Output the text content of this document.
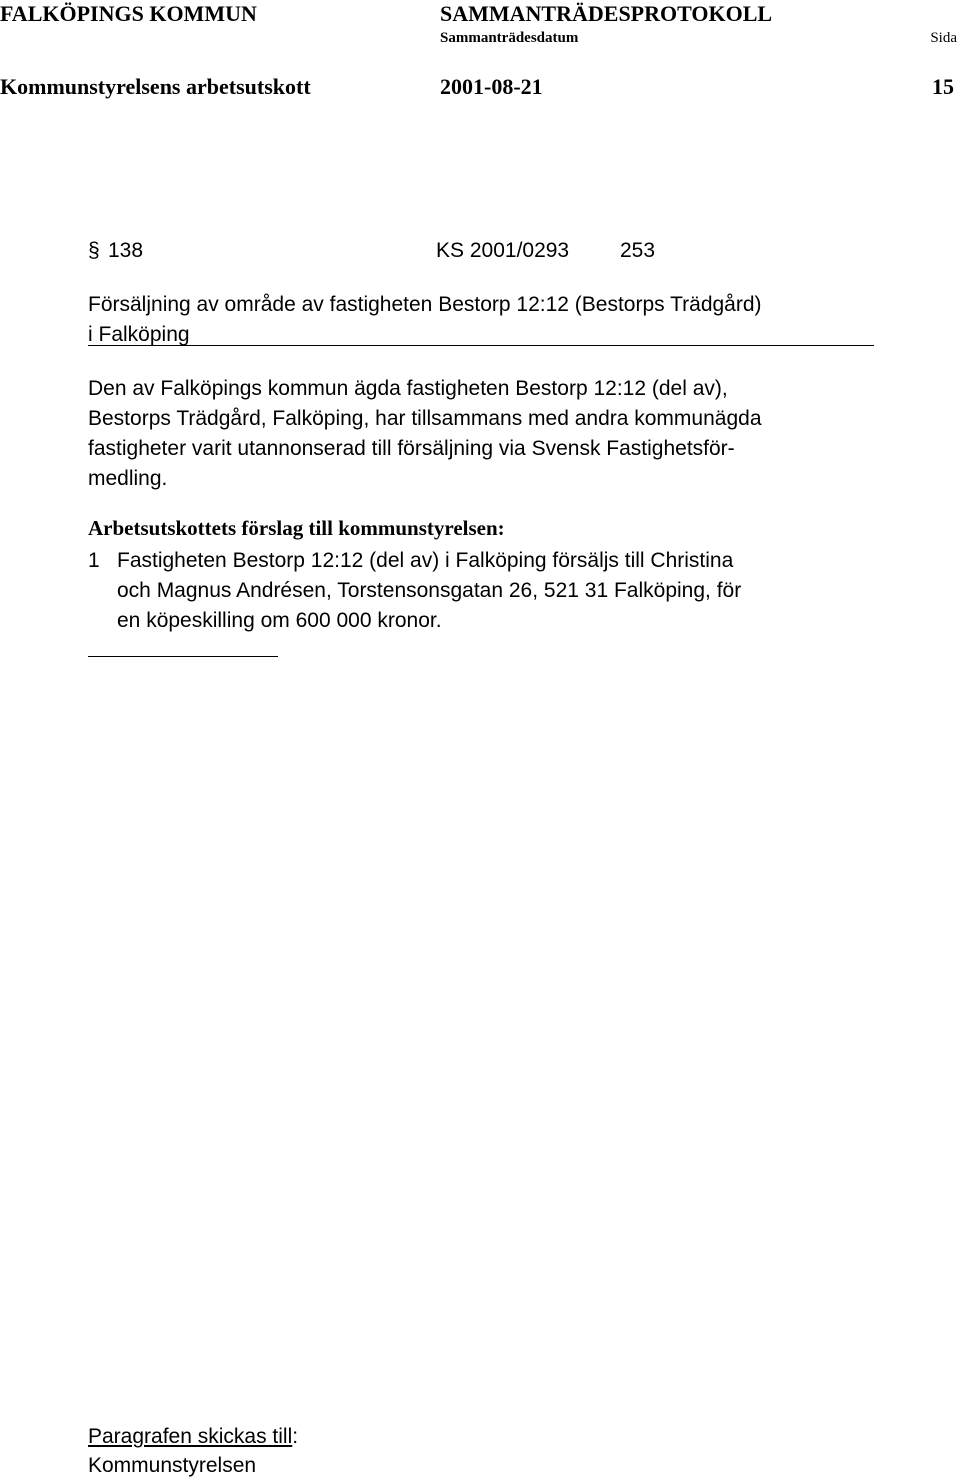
FALKÖPINGS KOMMUN	SAMMANTRÄDESPROTOKOLL
Sammanträdesdatum	Sida
Kommunstyrelsens arbetsutskott	2001-08-21	15
§ 138	KS 2001/0293 253
Försäljning av område av fastigheten Bestorp 12:12 (Bestorps Trädgård)
i Falköping
Den av Falköpings kommun ägda fastigheten Bestorp 12:12 (del av),
Bestorps Trädgård, Falköping, har tillsammans med andra kommunägda
fastigheter varit utannonserad till försäljning via Svensk Fastighetsför-
medling.
Arbetsutskottets förslag till kommunstyrelsen:
1 Fastigheten Bestorp 12:12 (del av) i Falköping försäljs till Christina
och Magnus Andrésen, Torstensonsgatan 26, 521 31 Falköping, för
en köpeskilling om 600 000 kronor.
Paragrafen skickas till:
Kommunstyrelsen
